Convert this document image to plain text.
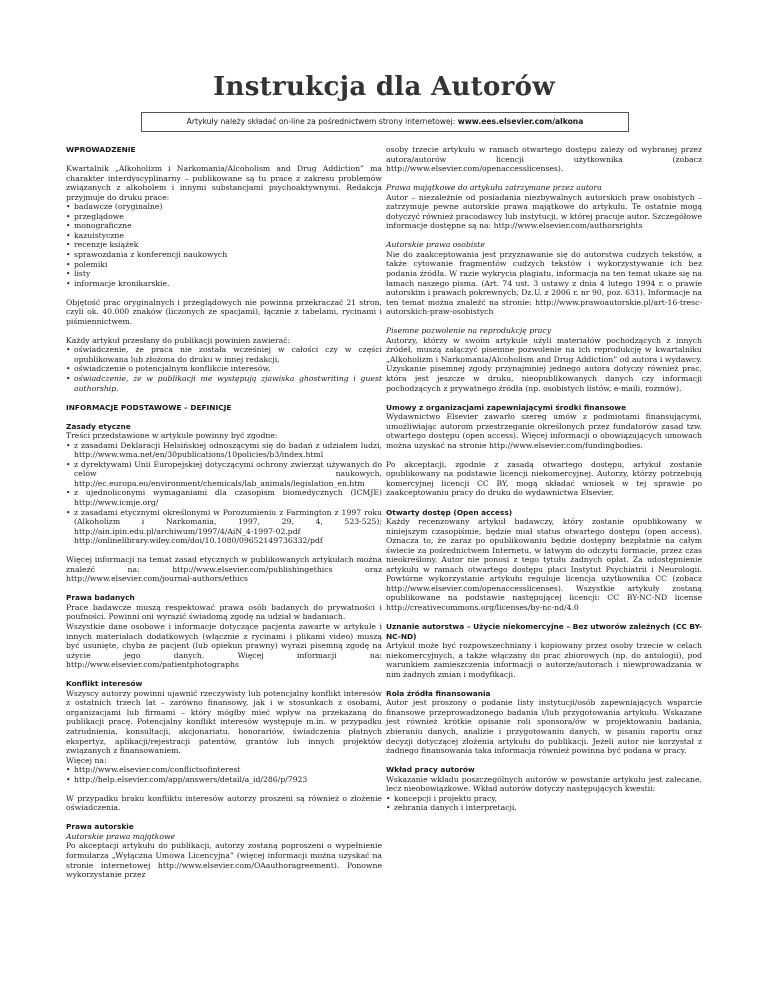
Instrukcja dla Autorów
Artykuły należy składać on-line za pośrednictwem strony internetowej: www.ees.elsevier.com/alkona

WPROWADZENIE

Kwartalnik „Alkoholizm i Narkomania/Alcoholism and Drug Addiction” ma charakter interdyscyplinarny – publikowane są tu prace z zakresu problemów związanych z alkoholem i innymi substancjami psychoaktywnymi. Redakcja przyjmuje do druku prace:

• badawcze (oryginalne)
• przeglądowe
• monograficzne
• kazuistyczne
• recenzje książek
• sprawozdania z konferencji naukowych
• polemiki
• listy
• informacje kronikarskie.

Objętość prac oryginalnych i przeglądowych nie powinna przekraczać 21 stron, czyli ok. 40.000 znaków (liczonych ze spacjami), łącznie z tabelami, rycinami i piśmiennictwem.

Każdy artykuł przesłany do publikacji powinien zawierać:

• oświadczenie, że praca nie została wcześniej w całości czy w części opublikowana lub złożona do druku w innej redakcji,
• oświadczenie o potencjalnym konflikcie interesów,
• oświadczenie, że w publikacji nie występują zjawiska ghostwriting i guest authorship.

INFORMACJE PODSTAWOWE – DEFINICJE

Zasady etyczne

Treści przedstawione w artykule powinny być zgodne:

• z zasadami Deklaracji Helsińskiej odnoszącymi się do badań z udziałem ludzi, http://www.wma.net/en/30publications/10policies/b3/index.html
• z dyrektywami Unii Europejskiej dotyczącymi ochrony zwierząt używanych do celów naukowych, http://ec.europa.eu/environment/chemicals/lab_animals/legislation_en.htm
• z ujednoliconymi wymaganiami dla czasopism biomedycznych (ICMJE) http://www.icmje.org/
• z zasadami etycznymi określonymi w Porozumieniu z Farmington z 1997 roku (Alkoholizm i Narkomania, 1997, 29, 4, 523-525); http://ain.ipin.edu.pl/archiwum/1997/4/AiN_4-1997-02.pdf http://onlinelibrary.wiley.com/doi/10.1080/09652149736332/pdf

Więcej informacji na temat zasad etycznych w publikowanych artykułach można znaleźć na: http://www.elsevier.com/publishingethics oraz http://www.elsevier.com/journal-authors/ethics

Prawa badanych

Prace badawcze muszą respektować prawa osób badanych do prywatności i poufności. Powinni oni wyrazić świadomą zgodę na udział w badaniach.

Wszystkie dane osobowe i informacje dotyczące pacjenta zawarte w artykule i innych materiałach dodatkowych (włącznie z rycinami i plikami video) muszą być usunięte, chyba że pacjent (lub opiekun prawny) wyrazi pisemną zgodę na użycie jego danych. Więcej informacji na: http://www.elsevier.com/patientphotographs

Konflikt interesów

Wszyscy autorzy powinni ujawnić rzeczywisty lub potencjalny konflikt interesów z ostatnich trzech lat – zarówno finansowy, jak i w stosunkach z osobami, organizacjami lub firmami – który mógłby mieć wpływ na przekazaną do publikacji pracę. Potencjalny konflikt interesów występuje m.in. w przypadku zatrudnienia, konsultacji, akcjonariatu, honorariów, świadczenia płatnych ekspertyz, aplikacji/rejestracji patentów, grantów lub innych projektów związanych z finansowaniem.

Więcej na:

• http://www.elsevier.com/conflictsofinterest
• http://help.elsevier.com/app/answers/detail/a_id/286/p/7923

W przypadku braku konfliktu interesów autorzy proszeni są również o złożenie oświadczenia.

Prawa autorskie

Autorskie prawa majątkowe

Po akceptacji artykułu do publikacji, autorzy zostaną poproszeni o wypełnienie formularza „Wyłączna Umowa Licencyjna” (więcej informacji można uzyskać na stronie internetowej http://www.elsevier.com/OAauthoragreement). Ponowne wykorzystanie przez

osoby trzecie artykułu w ramach otwartego dostępu zależy od wybranej przez autora/autorów licencji użytkownika (zobacz http://www.elsevier.com/openaccesslicenses).

Prawa majątkowe do artykułu zatrzymane przez autora

Autor – niezależnie od posiadania niezbywalnych autorskich praw osobistych – zatrzymuje pewne autorskie prawa majątkowe do artykułu. Te ostatnie mogą dotyczyć również pracodawcy lub instytucji, w której pracuje autor. Szczegółowe informacje dostępne są na: http://www.elsevier.com/authorsrights

Autorskie prawa osobiste

Nie do zaakceptowania jest przyznawanie się do autorstwa cudzych tekstów, a także cytowanie fragmentów cudzych tekstów i wykorzystywanie ich bez podania źródła. W razie wykrycia plagiatu, informacja na ten temat ukaże się na łamach naszego pisma. (Art. 74 ust. 3 ustawy z dnia 4 lutego 1994 r. o prawie autorskim i prawach pokrewnych, Dz.U. z 2006 r. nr 90, poz. 631). Informacje na ten temat można znaleźć na stronie: http://www.prawoautorskie.pl/art-16-tresc-autorskich-praw-osobistych

Pisemne pozwolenie na reprodukcję pracy

Autorzy, którzy w swoim artykule użyli materiałów pochodzących z innych źródeł, muszą załączyć pisemne pozwolenie na ich reprodukcję w kwartalniku „Alkoholizm i Narkomania/Alcoholism and Drug Addiction” od autora i wydawcy. Uzyskanie pisemnej zgody przynajmniej jednego autora dotyczy również prac, która jest jeszcze w druku, nieopublikowanych danych czy informacji pochodzących z prywatnego źródła (np. osobistych listów, e-maili, rozmów).

Umowy z organizacjami zapewniającymi środki finansowe

Wydawnictwo Elsevier zawarło szereg umów z podmiotami finansującymi, umożliwiając autorom przestrzeganie określonych przez fundatorów zasad tzw. otwartego dostępu (open access). Więcej informacji o obowiązujących umowach można uzyskać na stronie http://www.elsevier.com/fundingbodies.

Po akceptacji, zgodnie z zasadą otwartego dostępu, artykuł zostanie opublikowany na podstawie licencji niekomercyjnej. Autorzy, którzy potrzebują komercyjnej licencji CC BY, mogą składać wniosek w tej sprawie po zaakceptowaniu pracy do druku do wydawnictwa Elsevier.

Otwarty dostęp (Open access)

Każdy recenzowany artykuł badawczy, który zostanie opublikowany w niniejszym czasopiśmie, będzie miał status otwartego dostępu (open access). Oznacza to, że zaraz po opublikowaniu będzie dostępny bezpłatnie na całym świecie za pośrednictwem Internetu, w łatwym do odczytu formacie, przez czas nieokreślony. Autor nie ponosi z tego tytułu żadnych opłat. Za udostępnienie artykułu w ramach otwartego dostępu płaci Instytut Psychiatrii i Neurologii. Powtórne wykorzystanie artykułu reguluje licencja użytkownika CC (zobacz http://www.elsevier.com/openaccesslicenses). Wszystkie artykuły zostaną opublikowane na podstawie następującej licencji: CC BY-NC-ND license http://creativecommons.org/licenses/by-nc-nd/4.0

Uznanie autorstwa – Użycie niekomercyjne – Bez utworów zależnych (CC BY-NC-ND)

Artykuł może być rozpowszechniany i kopiowany przez osoby trzecie w celach niekomercyjnych, a także włączany do prac zbiorowych (np. do antologii), pod warunkiem zamieszczenia informacji o autorze/autorach i niewprowadzania w nim żadnych zmian i modyfikacji.

Rola źródła finansowania

Autor jest proszony o podanie listy instytucji/osób zapewniających wsparcie finansowe przeprowadzonego badania i/lub przygotowania artykułu. Wskazane jest również krótkie opisanie roli sponsora/ów w projektowaniu badania, zbieraniu danych, analizie i przygotowaniu danych, w pisaniu raportu oraz decyzji dotyczącej złożenia artykułu do publikacji. Jeżeli autor nie korzystał z żadnego finansowania taka informacja również powinna być podana w pracy.

Wkład pracy autorów

Wskazanie wkładu poszczególnych autorów w powstanie artykułu jest zalecane, lecz nieobowiązkowe. Wkład autorów dotyczy następujących kwestii:

• koncepcji i projektu pracy,
• zebrania danych i interpretacji,
